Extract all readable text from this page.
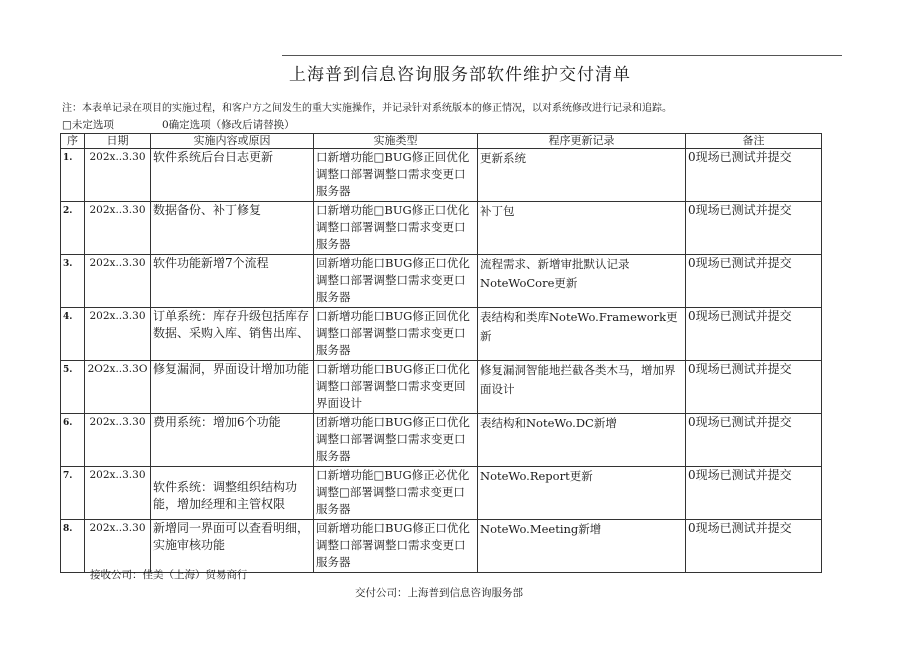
上海普到信息咨询服务部软件维护交付清单
注：本表单记录在项目的实施过程，和客户方之间发生的重大实施操作，并记录针对系统版本的修正情况，以对系统修改进行记录和追踪。
□未定选项	0确定选项（修改后请替换）
序	日期	实施内容或原因	实施类型	程序更新记录	备注
1.	202x..3.30	软件系统后台日志更新	口新增功能□BUG修正回优化调整口部署调整口需求变更口服务器	更新系统	0现场已测试并提交
2.	202x..3.30	数据备份、补丁修复	口新增功能□BUG修正口优化调整口部署调整口需求变更口服务器	补丁包	0现场已测试并提交
3.	202x..3.30	软件功能新增7个流程	回新增功能口BUG修正口优化调整口部署调整口需求变更口服务器	流程需求、新增审批默认记录NoteWoCore更新	0现场已测试并提交
4.	202x..3.30	订单系统：库存升级包括库存数据、采购入库、销售出库、	口新增功能口BUG修正回优化调整口部署调整口需求变更口服务器	表结构和类库NoteWo.Framework更新	0现场已测试并提交
5.	2O2x..3.3O	修复漏洞，界面设计增加功能	口新增功能口BUG修正口优化调整口部署调整口需求变更回界面设计	修复漏洞智能地拦截各类木马，增加界面设计	0现场已测试并提交
6.	202x..3.30	费用系统：增加6个功能	团新增功能口BUG修正口优化调整口部署调整口需求变更口服务器	表结构和NoteWo.DC新增	0现场已测试并提交
7.	202x..3.30	软件系统：调整组织结构功能，增加经理和主管权限	口新增功能□BUG修正必优化调整□部署调整口需求变更口服务器	NoteWo.Report更新	0现场已测试并提交
8.	202x..3.30	新增同一界面可以查看明细，实施审核功能	回新增功能口BUG修正口优化调整口部署调整口需求变更口服务器	NoteWo.Meeting新增	0现场已测试并提交
接收公司：佳美（上海）贸易商行
交付公司：上海普到信息咨询服务部
